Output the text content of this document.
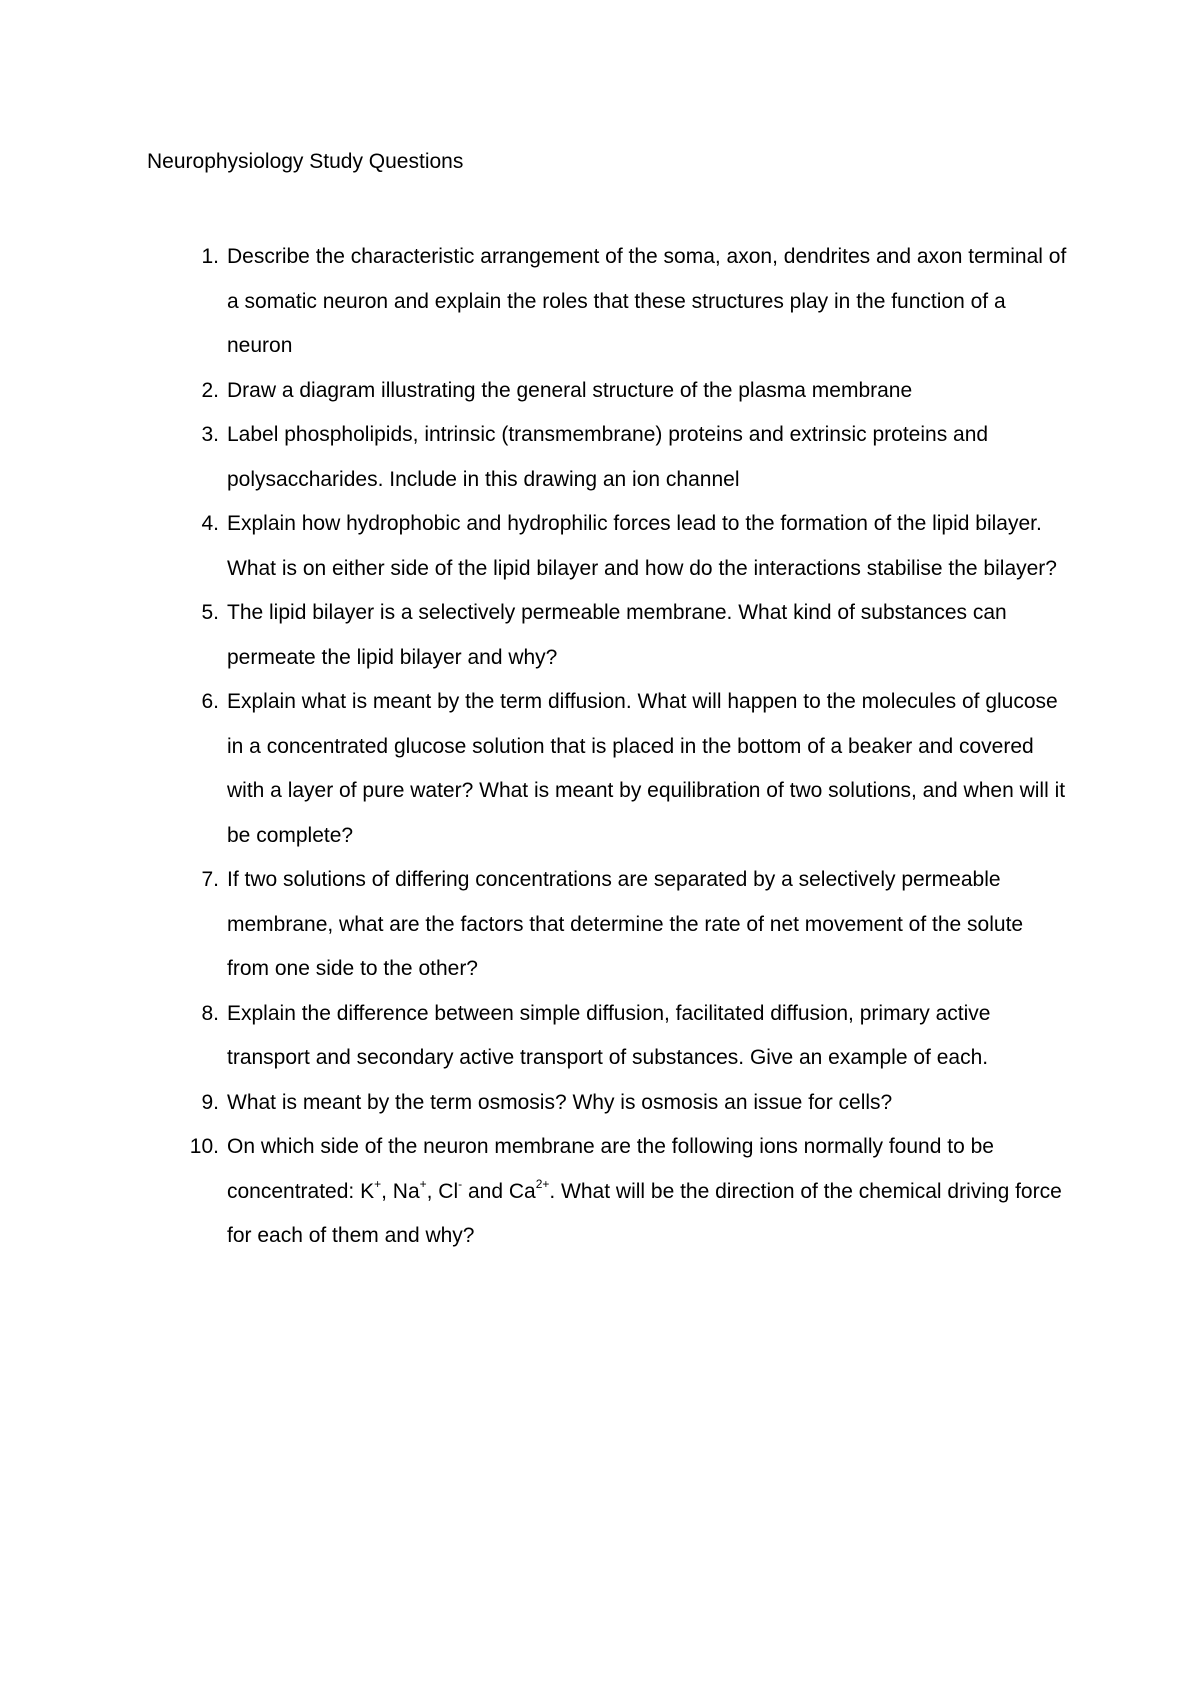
Neurophysiology Study Questions
1. Describe the characteristic arrangement of the soma, axon, dendrites and axon terminal of a somatic neuron and explain the roles that these structures play in the function of a neuron
2. Draw a diagram illustrating the general structure of the plasma membrane
3. Label phospholipids, intrinsic (transmembrane) proteins and extrinsic proteins and polysaccharides. Include in this drawing an ion channel
4. Explain how hydrophobic and hydrophilic forces lead to the formation of the lipid bilayer. What is on either side of the lipid bilayer and how do the interactions stabilise the bilayer?
5. The lipid bilayer is a selectively permeable membrane. What kind of substances can permeate the lipid bilayer and why?
6. Explain what is meant by the term diffusion. What will happen to the molecules of glucose in a concentrated glucose solution that is placed in the bottom of a beaker and covered with a layer of pure water? What is meant by equilibration of two solutions, and when will it be complete?
7. If two solutions of differing concentrations are separated by a selectively permeable membrane, what are the factors that determine the rate of net movement of the solute from one side to the other?
8. Explain the difference between simple diffusion, facilitated diffusion, primary active transport and secondary active transport of substances. Give an example of each.
9. What is meant by the term osmosis? Why is osmosis an issue for cells?
10. On which side of the neuron membrane are the following ions normally found to be concentrated: K+, Na+, Cl- and $Ca^{2+}$. What will be the direction of the chemical driving force for each of them and why?
